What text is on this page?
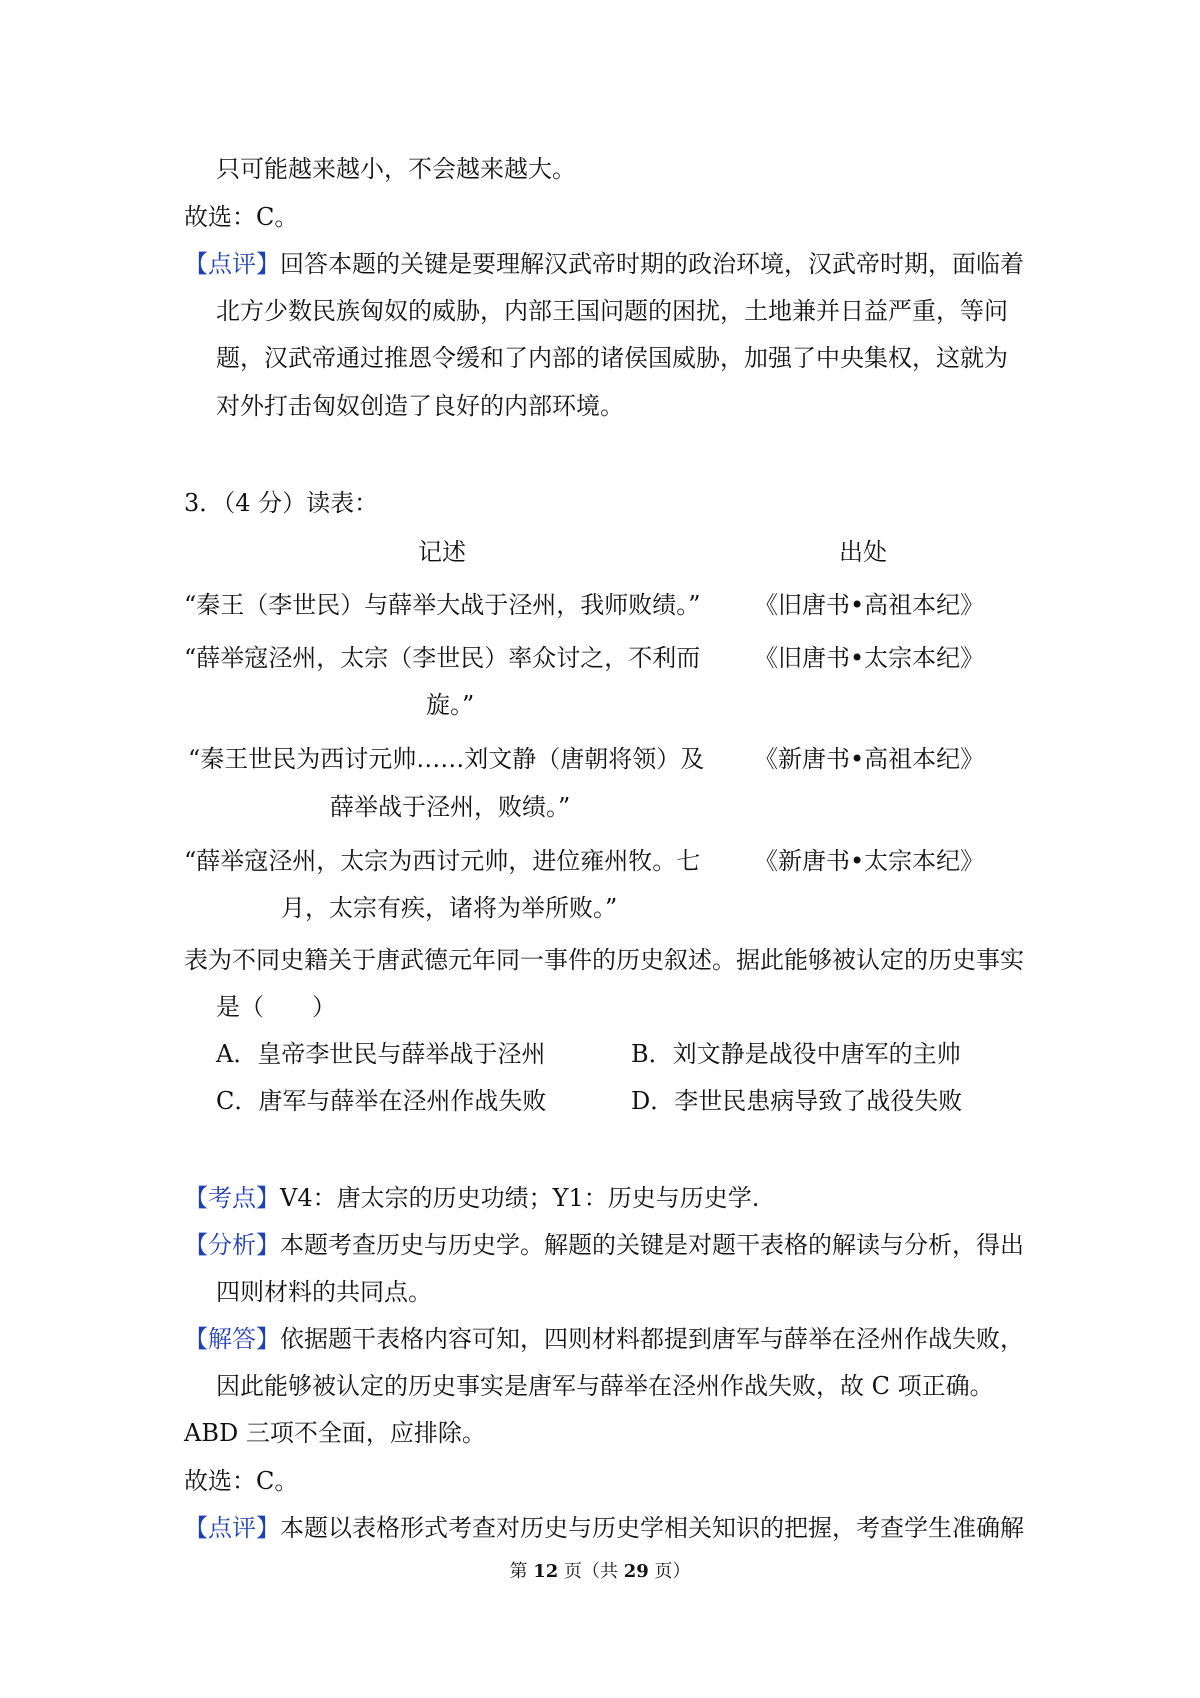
只可能越来越小，不会越来越大。
故选：C。
【点评】回答本题的关键是要理解汉武帝时期的政治环境，汉武帝时期，面临着
北方少数民族匈奴的威胁，内部王国问题的困扰，土地兼并日益严重，等问
题，汉武帝通过推恩令缓和了内部的诸侯国威胁，加强了中央集权，这就为
对外打击匈奴创造了良好的内部环境。
3．（4 分）读表：
记述	出处
“秦王（李世民）与薛举大战于泾州，我师败绩。” 《旧唐书•高祖本纪》
“薛举寇泾州，太宗（李世民）率众讨之，不利而
旋。”
《旧唐书•太宗本纪》
“秦王世民为西讨元帅……刘文静（唐朝将领）及
薛举战于泾州，败绩。”
《新唐书•高祖本纪》
“薛举寇泾州，太宗为西讨元帅，进位雍州牧。七
月，太宗有疾，诸将为举所败。”
《新唐书•太宗本纪》
表为不同史籍关于唐武德元年同一事件的历史叙述。据此能够被认定的历史事实
是（　　）
A．皇帝李世民与薛举战于泾州	B．刘文静是战役中唐军的主帅
C．唐军与薛举在泾州作战失败	D．李世民患病导致了战役失败
【考点】V4：唐太宗的历史功绩；Y1：历史与历史学.
【分析】本题考查历史与历史学。解题的关键是对题干表格的解读与分析，得出
四则材料的共同点。
【解答】依据题干表格内容可知，四则材料都提到唐军与薛举在泾州作战失败，
因此能够被认定的历史事实是唐军与薛举在泾州作战失败，故 C 项正确。
ABD 三项不全面，应排除。
故选：C。
【点评】本题以表格形式考查对历史与历史学相关知识的把握，考查学生准确解
第 12 页（共 29 页）
